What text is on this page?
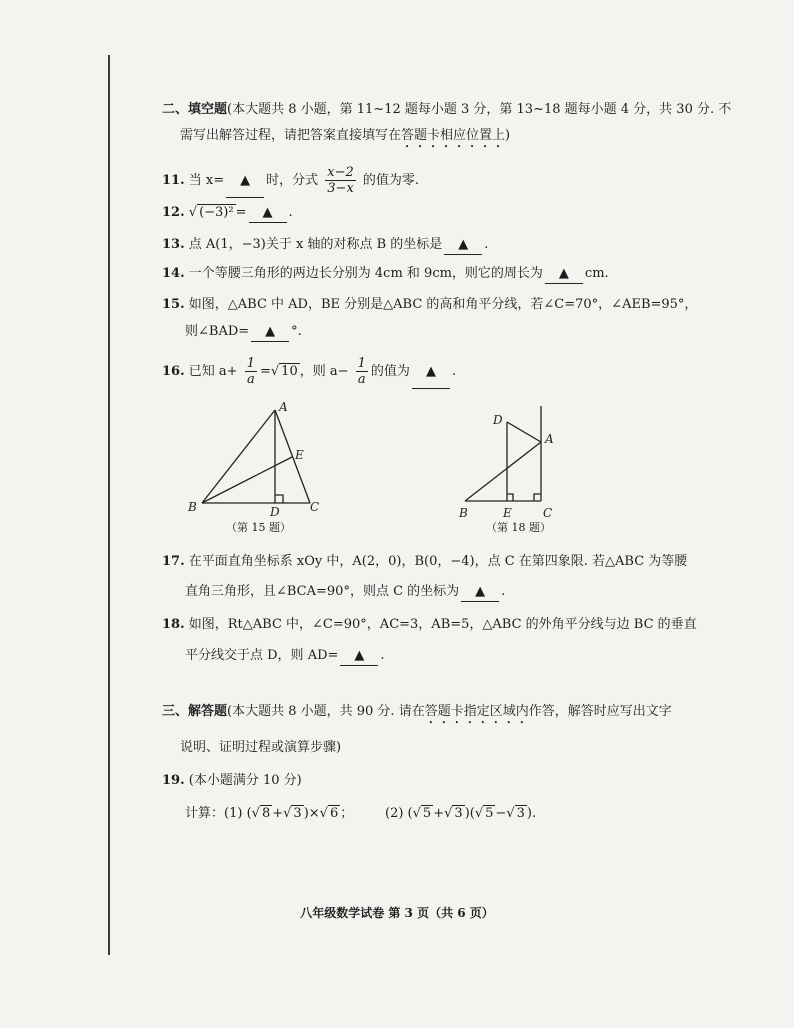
二、填空题(本大题共 8 小题，第 11~12 题每小题 3 分，第 13~18 题每小题 4 分，共 30 分. 不
需写出解答过程，请把答案直接填写在答题卡相应位置上)
11. 当 x= ▲ 时，分式 $\frac{x-2}{3-x}$ 的值为零.
12. √ (−3)² = ▲ .
13. 点 A(1，−3)关于 x 轴的对称点 B 的坐标是 ▲ .
14. 一个等腰三角形的两边长分别为 4cm 和 9cm，则它的周长为 ▲ cm.
15. 如图，△ABC 中 AD，BE 分别是△ABC 的高和角平分线，若∠C=70°，∠AEB=95°，
则∠BAD= ▲ °.
16. 已知 $a+ \frac{1}{a}$ =√ 10 ，则 $a- \frac{1}{a}$ 的值为 ▲ .
A
B	C
D
E
（第 15 题）
D
A
B	E	C
（第 18 题）
17. 在平面直角坐标系 xOy 中，A(2，0)，B(0，−4)，点 C 在第四象限. 若△ABC 为等腰
直角三角形，且∠BCA=90°，则点 C 的坐标为 ▲ .
18. 如图，Rt△ABC 中，∠C=90°，AC=3，AB=5，△ABC 的外角平分线与边 BC 的垂直
平分线交于点 D，则 AD= ▲ .
三、解答题(本大题共 8 小题，共 90 分. 请在答题卡指定区域内作答，解答时应写出文字
说明、证明过程或演算步骤)
19. (本小题满分 10 分)
计算：(1) (√ 8 +√ 3 )×√ 6 ； (2) (√ 5 +√ 3 )(√ 5 −√ 3 ).
八年级数学试卷 第 3 页（共 6 页）
